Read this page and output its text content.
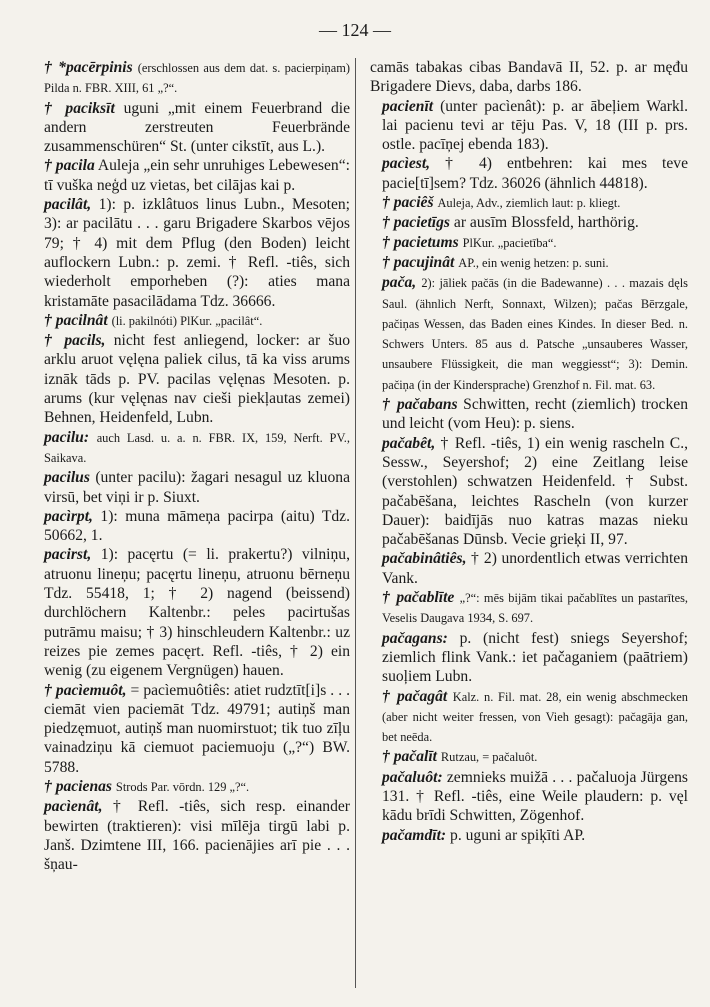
— 124 —
† *pacērpinis (erschlossen aus dem dat. s. pacierpiņam) Pilda n. FBR. XIII, 61 „?“.
† paciksīt uguni „mit einem Feuerbrand die andern zerstreuten Feuerbrände zusammenschüren“ St. (unter cikstīt, aus L.).
† pacila Auleja „ein sehr unruhiges Lebewesen“: tī vuška neģd uz vietas, bet cilājas kai p.
pacilât, 1): p. izklâtuos linus Lubn., Mesoten; 3): ar pacilātu . . . garu Brigadere Skarbos vējos 79; † 4) mit dem Pflug (den Boden) leicht auflockern Lubn.: p. zemi. † Refl. -tiês, sich wiederholt emporheben (?): aties mana kristamāte pasacilādama Tdz. 36666.
† pacilnât (li. pakilnóti) PlKur. „pacilât“.
† pacils, nicht fest anliegend, locker: ar šuo arklu aruot vęlęna paliek cilus, tā ka viss arums iznāk tāds p. PV. pacilas vęlęnas Mesoten. p. arums (kur vęlęnas nav cieši piekļautas zemei) Behnen, Heidenfeld, Lubn.
pacilu: auch Lasd. u. a. n. FBR. IX, 159, Nerft. PV., Saikava.
pacilus (unter pacilu): žagari nesagul uz kluona virsū, bet viņi ir p. Siuxt.
pacìrpt, 1): muna māmeņa pacirpa (aitu) Tdz. 50662, 1.
pacirst, 1): pacęrtu (= li. prakertu?) vilniņu, atruonu lineņu; pacęrtu lineņu, atruonu bērneņu Tdz. 55418, 1; † 2) nagend (beissend) durchlöchern Kaltenbr.: peles pacirtušas putrāmu maisu; † 3) hinschleudern Kaltenbr.: uz reizes pie zemes pacęrt. Refl. -tiês, † 2) ein wenig (zu eigenem Vergnügen) hauen.
† pacìemuôt, = pacìemuôtiês: atiet rudztīt[i]s . . . ciemāt vien paciemāt Tdz. 49791; autiņš man piedzęmuot, autiņš man nuomirstuot; tik tuo zīļu vainadziņu kā ciemuot paciemuoju („?“) BW. 5788.
† pacienas Strods Par. vōrdn. 129 „?“.
pacìenât, † Refl. -tiês, sich resp. einander bewirten (traktieren): visi mīlēja tirgū labi p. Janš. Dzimtene III, 166. pacienājies arī pie . . . šņau-
camās tabakas cibas Bandavā II, 52. p. ar męđu Brigadere Dievs, daba, darbs 186.
pacienīt (unter pacìenât): p. ar ābeļiem Warkl. lai pacienu tevi ar tēju Pas. V, 18 (III p. prs. ostle. pacīņej ebenda 183).
pacìest, † 4) entbehren: kai mes teve pacie[tī]sem? Tdz. 36026 (ähnlich 44818).
† paciêš Auleja, Adv., ziemlich laut: p. kliegt.
† pacietīgs ar ausīm Blossfeld, harthörig.
† pacietums PlKur. „pacietība“.
† pacujinât AP., ein wenig hetzen: p. suni.
pača, 2): jāliek pačās (in die Badewanne) . . . mazais dęls Saul. (ähnlich Nerft, Sonnaxt, Wilzen); pačas Bērzgale, pačiņas Wessen, das Baden eines Kindes. In dieser Bed. n. Schwers Unters. 85 aus d. Patsche „unsauberes Wasser, unsaubere Flüssigkeit, die man weggiesst“; 3): Demin. pačiņa (in der Kindersprache) Grenzhof n. Fil. mat. 63.
† pačabans Schwitten, recht (ziemlich) trocken und leicht (vom Heu): p. siens.
pačabêt, † Refl. -tiês, 1) ein wenig rascheln C., Sessw., Seyershof; 2) eine Zeitlang leise (verstohlen) schwatzen Heidenfeld. † Subst. pačabēšana, leichtes Rascheln (von kurzer Dauer): baidījās nuo katras mazas nieku pačabēšanas Dūnsb. Vecie grieķi II, 97.
pačabinâtiês, † 2) unordentlich etwas verrichten Vank.
† pačablīte „?“: mēs bijām tikai pačablītes un pastarītes, Veselis Daugava 1934, S. 697.
pačagans: p. (nicht fest) sniegs Seyershof; ziemlich flink Vank.: iet pačaganiem (paātriem) suoļiem Lubn.
† pačagât Kalz. n. Fil. mat. 28, ein wenig abschmecken (aber nicht weiter fressen, von Vieh gesagt): pačagāja gan, bet neēda.
† pačalīt Rutzau, = pačaluôt.
pačaluôt: zemnieks muižā . . . pačaluoja Jürgens 131. † Refl. -tiês, eine Weile plaudern: p. vęl kādu brīdi Schwitten, Zögenhof.
pačamdīt: p. uguni ar spiķīti AP.
